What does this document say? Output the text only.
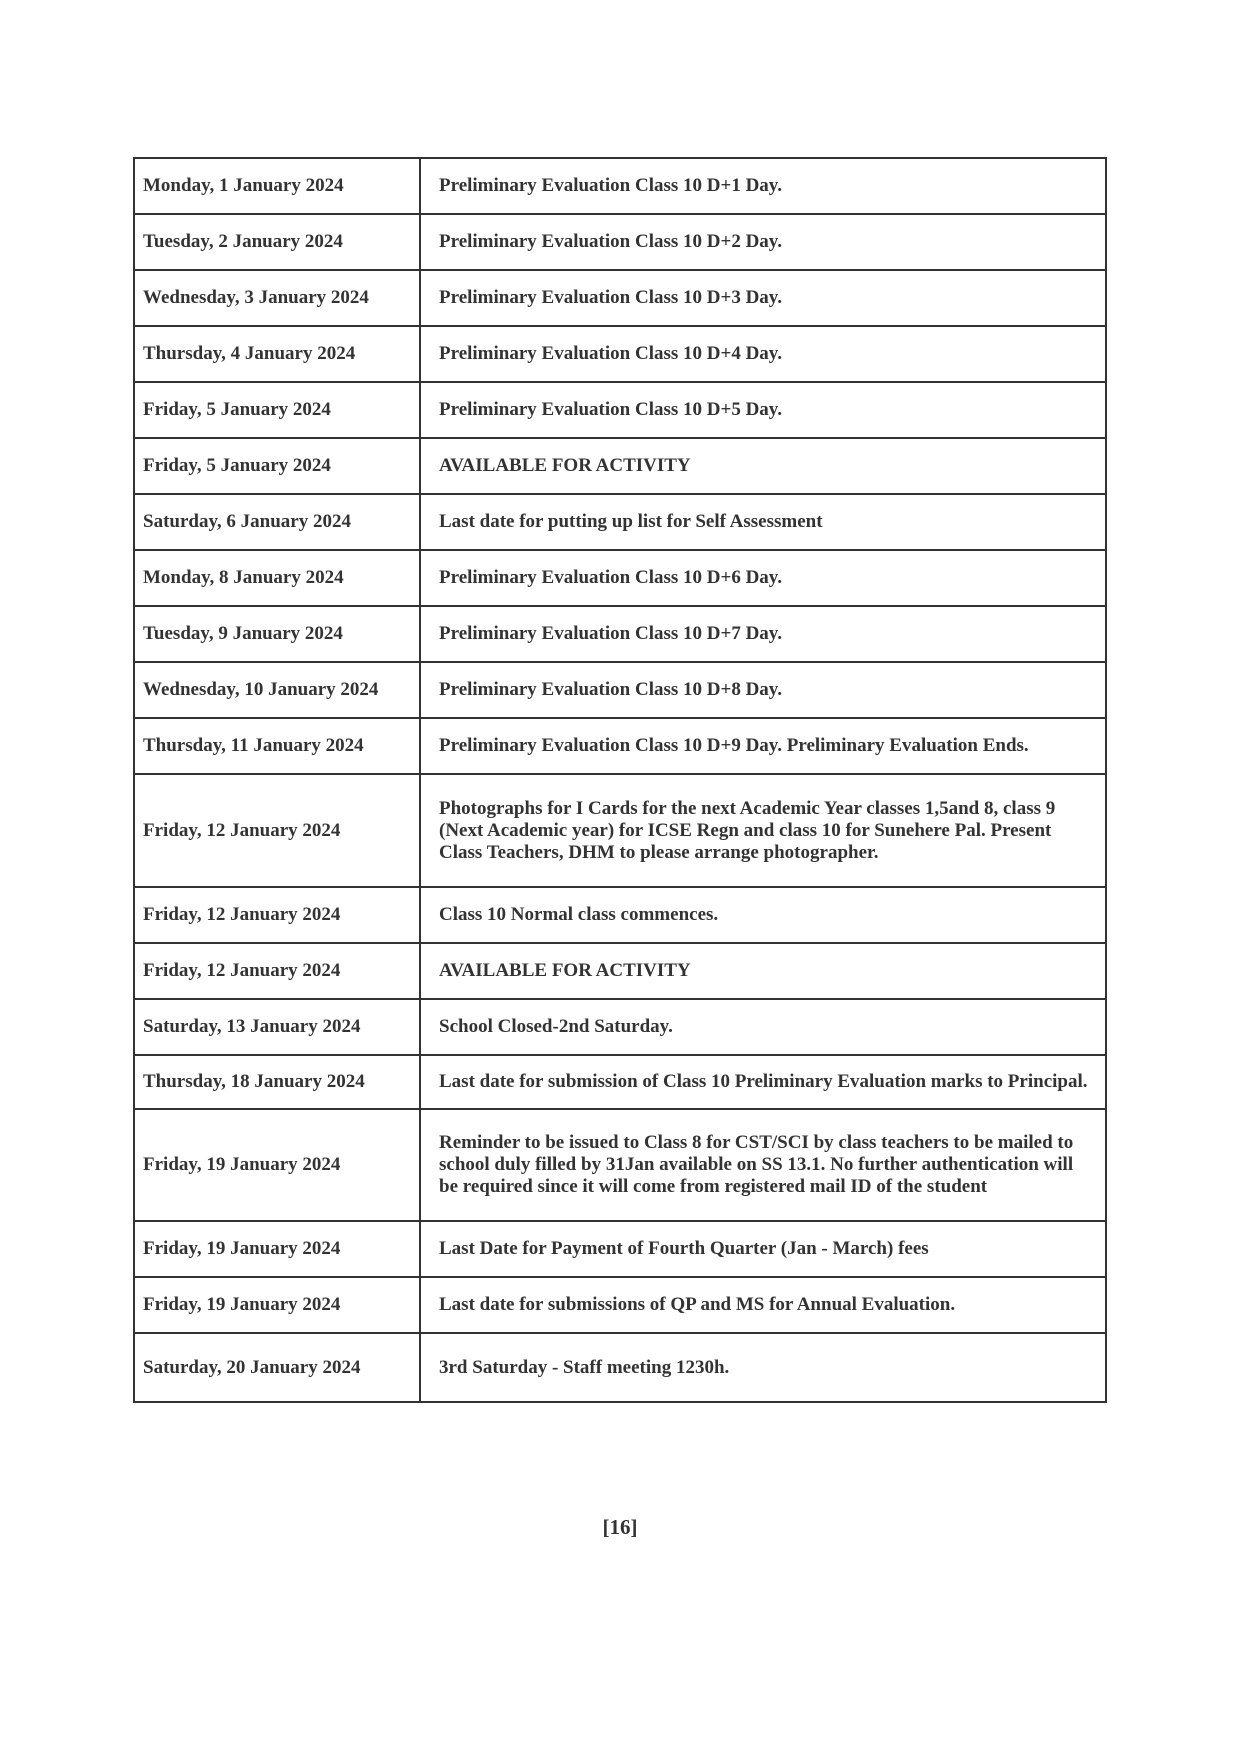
Monday, 1 January 2024	Preliminary Evaluation Class 10 D+1 Day.
Tuesday, 2 January 2024	Preliminary Evaluation Class 10 D+2 Day.
Wednesday, 3 January 2024	Preliminary Evaluation Class 10 D+3 Day.
Thursday, 4 January 2024	Preliminary Evaluation Class 10 D+4 Day.
Friday, 5 January 2024	Preliminary Evaluation Class 10 D+5 Day.
Friday, 5 January 2024	AVAILABLE FOR ACTIVITY
Saturday, 6 January 2024	Last date for putting up list for Self Assessment
Monday, 8 January 2024	Preliminary Evaluation Class 10 D+6 Day.
Tuesday, 9 January 2024	Preliminary Evaluation Class 10 D+7 Day.
Wednesday, 10 January 2024	Preliminary Evaluation Class 10 D+8 Day.
Thursday, 11 January 2024	Preliminary Evaluation Class 10 D+9 Day. Preliminary Evaluation Ends.
Friday, 12 January 2024	Photographs for I Cards for the next Academic Year classes 1,5and 8, class 9 (Next Academic year) for ICSE Regn and class 10 for Sunehere Pal. Present Class Teachers, DHM to please arrange photographer.
Friday, 12 January 2024	Class 10 Normal class commences.
Friday, 12 January 2024	AVAILABLE FOR ACTIVITY
Saturday, 13 January 2024	School Closed-2nd Saturday.
Thursday, 18 January 2024	Last date for submission of Class 10 Preliminary Evaluation marks to Principal.
Friday, 19 January 2024	Reminder to be issued to Class 8 for CST/SCI by class teachers to be mailed to school duly filled by 31Jan available on SS 13.1. No further authentication will be required since it will come from registered mail ID of the student
Friday, 19 January 2024	Last Date for Payment of Fourth Quarter (Jan - March) fees
Friday, 19 January 2024	Last date for submissions of QP and MS for Annual Evaluation.
Saturday, 20 January 2024	3rd Saturday - Staff meeting 1230h.
[16]
